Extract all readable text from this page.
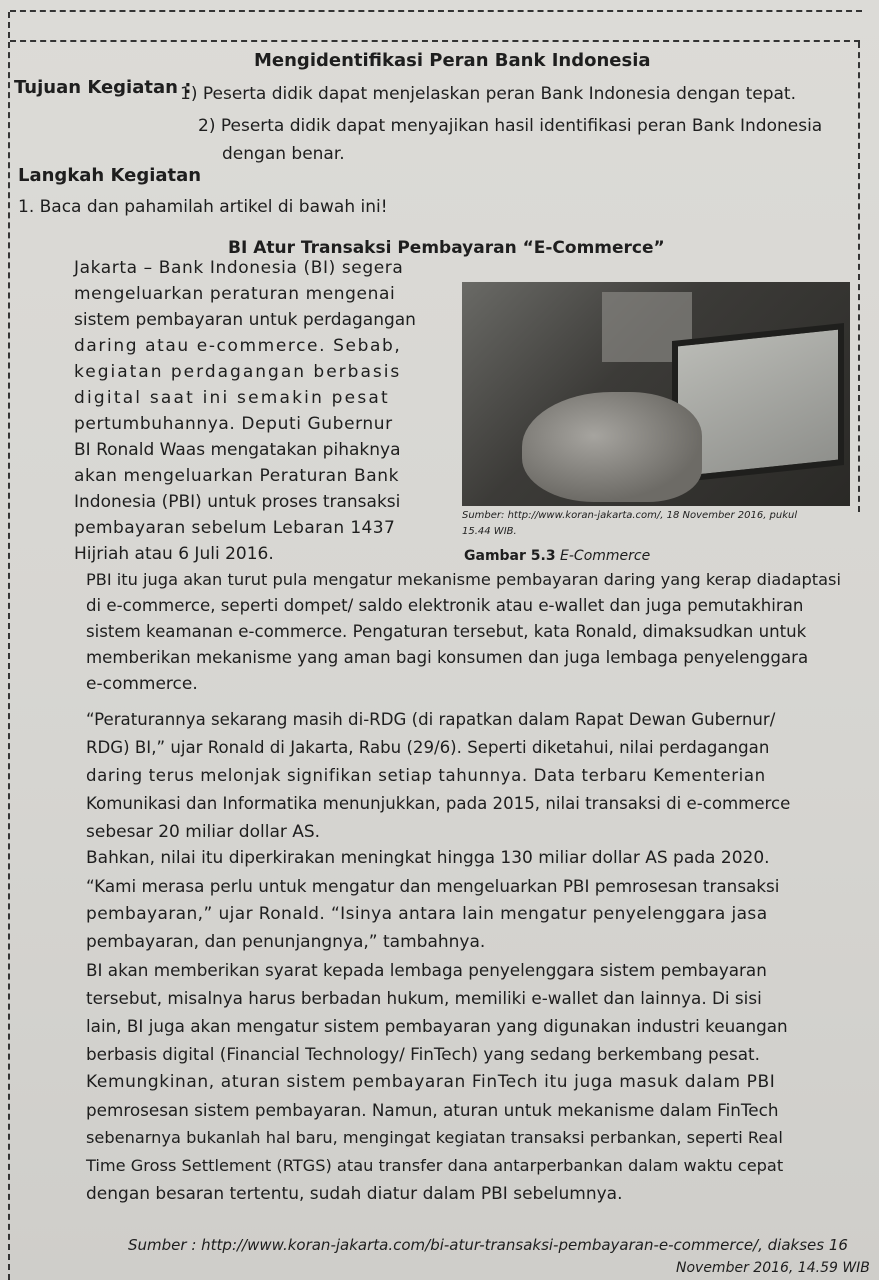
Mengidentifikasi Peran Bank Indonesia
Tujuan Kegiatan :
1) Peserta didik dapat menjelaskan peran Bank Indonesia dengan tepat.
2) Peserta didik dapat menyajikan hasil identifikasi peran Bank Indonesia
dengan benar.
Langkah Kegiatan
1. Baca dan pahamilah artikel di bawah ini!
BI Atur Transaksi Pembayaran “E-Commerce”
Jakarta – Bank Indonesia (BI) segera
mengeluarkan peraturan mengenai
sistem pembayaran untuk perdagangan
daring atau e-commerce. Sebab,
kegiatan perdagangan berbasis
digital saat ini semakin pesat
pertumbuhannya. Deputi Gubernur
BI Ronald Waas mengatakan pihaknya
akan mengeluarkan Peraturan Bank
Indonesia (PBI) untuk proses transaksi
pembayaran sebelum Lebaran 1437
Hijriah atau 6 Juli 2016.
Sumber: http://www.koran-jakarta.com/, 18 November 2016, pukul
15.44 WIB.
Gambar 5.3 E-Commerce
PBI itu juga akan turut pula mengatur mekanisme pembayaran daring yang kerap diadaptasi
di e-commerce, seperti dompet/ saldo elektronik atau e-wallet dan juga pemutakhiran
sistem keamanan e-commerce. Pengaturan tersebut, kata Ronald, dimaksudkan untuk
memberikan mekanisme yang aman bagi konsumen dan juga lembaga penyelenggara
e-commerce.
“Peraturannya sekarang masih di-RDG (di rapatkan dalam Rapat Dewan Gubernur/
RDG) BI,” ujar Ronald di Jakarta, Rabu (29/6). Seperti diketahui, nilai perdagangan
daring terus melonjak signifikan setiap tahunnya. Data terbaru Kementerian
Komunikasi dan Informatika menunjukkan, pada 2015, nilai transaksi di e-commerce
sebesar 20 miliar dollar AS.
Bahkan, nilai itu diperkirakan meningkat hingga 130 miliar dollar AS pada 2020.
“Kami merasa perlu untuk mengatur dan mengeluarkan PBI pemrosesan transaksi
pembayaran,” ujar Ronald. “Isinya antara lain mengatur penyelenggara jasa
pembayaran, dan penunjangnya,” tambahnya.
BI akan memberikan syarat kepada lembaga penyelenggara sistem pembayaran
tersebut, misalnya harus berbadan hukum, memiliki e-wallet dan lainnya. Di sisi
lain, BI juga akan mengatur sistem pembayaran yang digunakan industri keuangan
berbasis digital (Financial Technology/ FinTech) yang sedang berkembang pesat.
Kemungkinan, aturan sistem pembayaran FinTech itu juga masuk dalam PBI
pemrosesan sistem pembayaran. Namun, aturan untuk mekanisme dalam FinTech
sebenarnya bukanlah hal baru, mengingat kegiatan transaksi perbankan, seperti Real
Time Gross Settlement (RTGS) atau transfer dana antarperbankan dalam waktu cepat
dengan besaran tertentu, sudah diatur dalam PBI sebelumnya.
Sumber : http://www.koran-jakarta.com/bi-atur-transaksi-pembayaran-e-commerce/, diakses 16
November 2016, 14.59 WIB
